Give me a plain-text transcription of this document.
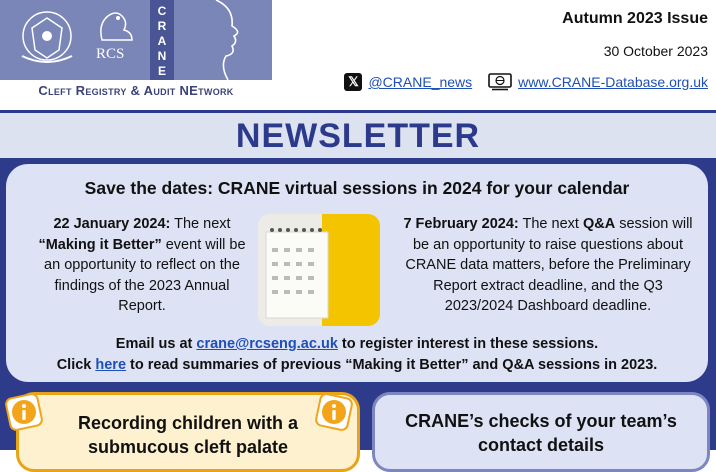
RCS
C
R
A
N
E
Cleft Registry & Audit NEtwork
Autumn 2023 Issue
30 October 2023
𝕏 @CRANE_news	www.CRANE-Database.org.uk
NEWSLETTER
Save the dates: CRANE virtual sessions in 2024 for your calendar
22 January 2024: The next “Making it Better” event will be an opportunity to reflect on the findings of the 2023 Annual Report.
7 February 2024: The next Q&A session will be an opportunity to raise questions about CRANE data matters, before the Preliminary Report extract deadline, and the Q3 2023/2024 Dashboard deadline.
Email us at crane@rcseng.ac.uk to register interest in these sessions.
Click here to read summaries of previous “Making it Better” and Q&A sessions in 2023.
Recording children with a
submucous cleft palate
CRANE’s checks of your team’s
contact details
